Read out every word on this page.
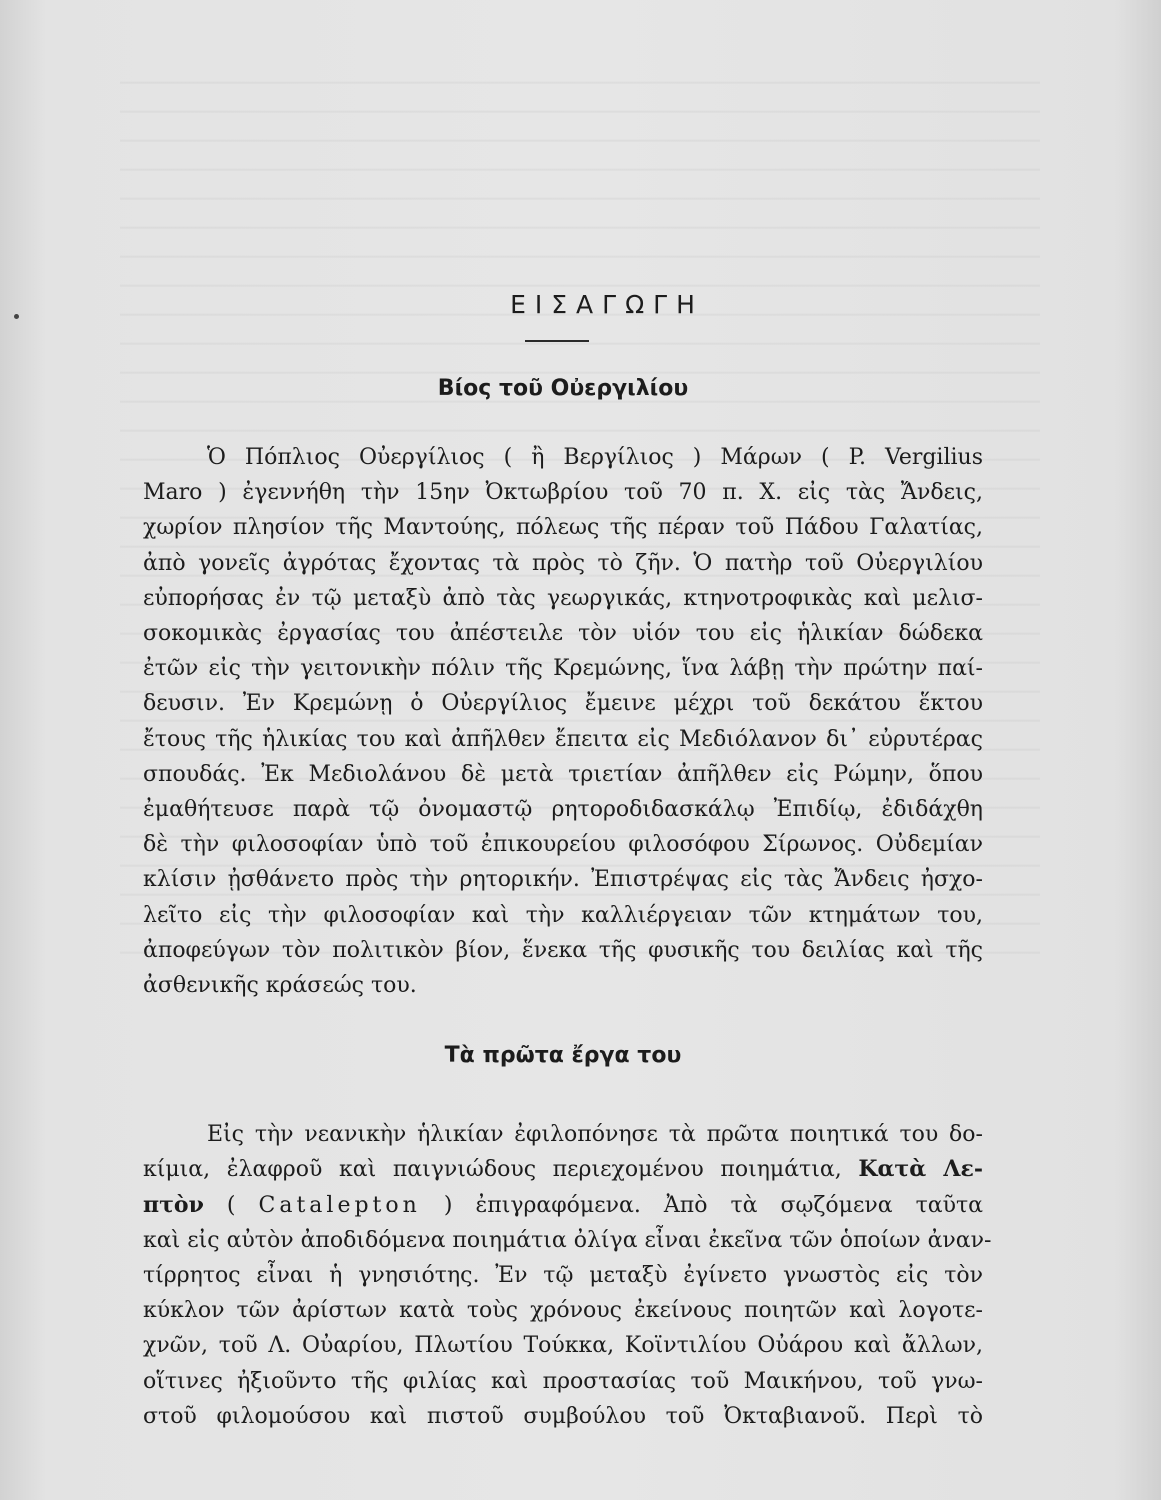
ΕΙΣΑΓΩΓΗ
Βίος τοῦ Οὐεργιλίου
Ὁ Πόπλιος Οὐεργίλιος ( ἢ Βεργίλιος ) Μάρων ( P. Vergilius
Maro ) ἐγεννήθη τὴν 15ην Ὀκτωβρίου τοῦ 70 π. Χ. εἰς τὰς Ἄνδεις,
χωρίον πλησίον τῆς Μαντούης, πόλεως τῆς πέραν τοῦ Πάδου Γαλατίας,
ἀπὸ γονεῖς ἀγρότας ἔχοντας τὰ πρὸς τὸ ζῆν. Ὁ πατὴρ τοῦ Οὐεργιλίου
εὐπορήσας ἐν τῷ μεταξὺ ἀπὸ τὰς γεωργικάς, κτηνοτροφικὰς καὶ μελισ-
σοκομικὰς ἐργασίας του ἀπέστειλε τὸν υἱόν του εἰς ἡλικίαν δώδεκα
ἐτῶν εἰς τὴν γειτονικὴν πόλιν τῆς Κρεμώνης, ἵνα λάβῃ τὴν πρώτην παί-
δευσιν. Ἐν Κρεμώνῃ ὁ Οὐεργίλιος ἔμεινε μέχρι τοῦ δεκάτου ἕκτου
ἔτους τῆς ἡλικίας του καὶ ἀπῆλθεν ἔπειτα εἰς Μεδιόλανον δι᾽ εὐρυτέρας
σπουδάς. Ἐκ Μεδιολάνου δὲ μετὰ τριετίαν ἀπῆλθεν εἰς Ρώμην, ὅπου
ἐμαθήτευσε παρὰ τῷ ὀνομαστῷ ρητοροδιδασκάλῳ Ἐπιδίῳ, ἐδιδάχθη
δὲ τὴν φιλοσοφίαν ὑπὸ τοῦ ἐπικουρείου φιλοσόφου Σίρωνος. Οὐδεμίαν
κλίσιν ᾐσθάνετο πρὸς τὴν ρητορικήν. Ἐπιστρέψας εἰς τὰς Ἄνδεις ἠσχο-
λεῖτο εἰς τὴν φιλοσοφίαν καὶ τὴν καλλιέργειαν τῶν κτημάτων του,
ἀποφεύγων τὸν πολιτικὸν βίον, ἕνεκα τῆς φυσικῆς του δειλίας καὶ τῆς
ἀσθενικῆς κράσεώς του.
Τὰ πρῶτα ἔργα του
Εἰς τὴν νεανικὴν ἡλικίαν ἐφιλοπόνησε τὰ πρῶτα ποιητικά του δο-
κίμια, ἐλαφροῦ καὶ παιγνιώδους περιεχομένου ποιημάτια, Κατὰ Λε-
πτὸν ( Catalepton ) ἐπιγραφόμενα. Ἀπὸ τὰ σῳζόμενα ταῦτα
καὶ εἰς αὐτὸν ἀποδιδόμενα ποιημάτια ὀλίγα εἶναι ἐκεῖνα τῶν ὁποίων ἀναν-
τίρρητος εἶναι ἡ γνησιότης. Ἐν τῷ μεταξὺ ἐγίνετο γνωστὸς εἰς τὸν
κύκλον τῶν ἀρίστων κατὰ τοὺς χρόνους ἐκείνους ποιητῶν καὶ λογοτε-
χνῶν, τοῦ Λ. Οὐαρίου, Πλωτίου Τούκκα, Κοϊντιλίου Οὐάρου καὶ ἄλλων,
οἵτινες ἠξιοῦντο τῆς φιλίας καὶ προστασίας τοῦ Μαικήνου, τοῦ γνω-
στοῦ φιλομούσου καὶ πιστοῦ συμβούλου τοῦ Ὀκταβιανοῦ. Περὶ τὸ
